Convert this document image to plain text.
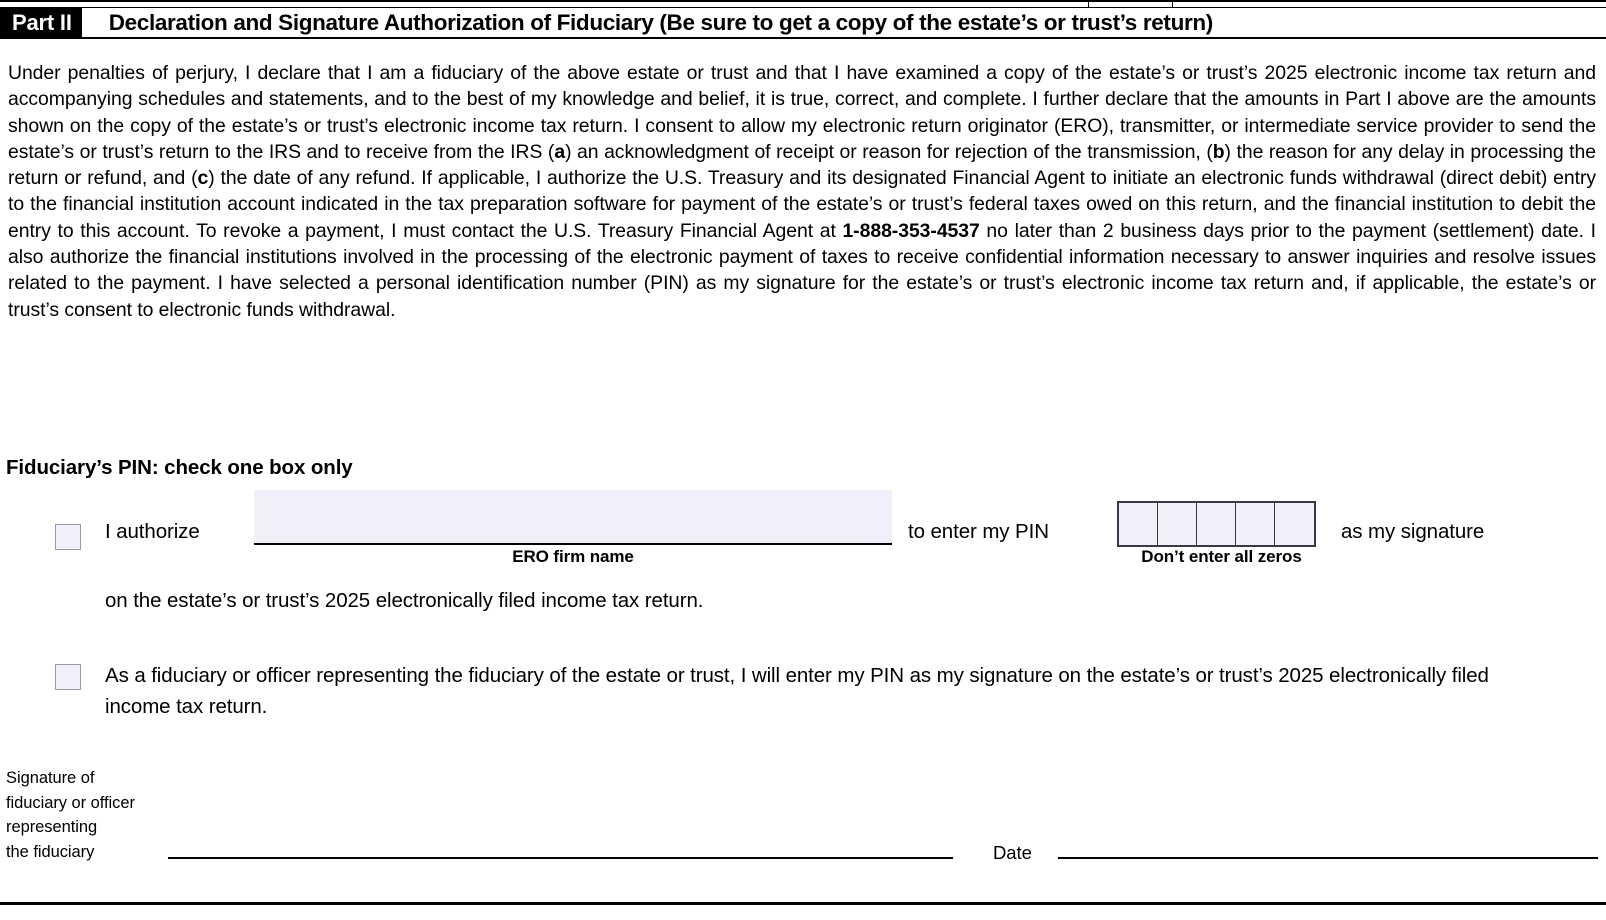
Part II	Declaration and Signature Authorization of Fiduciary (Be sure to get a copy of the estate’s or trust’s return)
Under penalties of perjury, I declare that I am a fiduciary of the above estate or trust and that I have examined a copy of the estate’s or trust’s 2025 electronic income tax return and accompanying schedules and statements, and to the best of my knowledge and belief, it is true, correct, and complete. I further declare that the amounts in Part I above are the amounts shown on the copy of the estate’s or trust’s electronic income tax return. I consent to allow my electronic return originator (ERO), transmitter, or intermediate service provider to send the estate’s or trust’s return to the IRS and to receive from the IRS (a) an acknowledgment of receipt or reason for rejection of the transmission, (b) the reason for any delay in processing the return or refund, and (c) the date of any refund. If applicable, I authorize the U.S. Treasury and its designated Financial Agent to initiate an electronic funds withdrawal (direct debit) entry to the financial institution account indicated in the tax preparation software for payment of the estate’s or trust’s federal taxes owed on this return, and the financial institution to debit the entry to this account. To revoke a payment, I must contact the U.S. Treasury Financial Agent at 1-888-353-4537 no later than 2 business days prior to the payment (settlement) date. I also authorize the financial institutions involved in the processing of the electronic payment of taxes to receive confidential information necessary to answer inquiries and resolve issues related to the payment. I have selected a personal identification number (PIN) as my signature for the estate’s or trust’s electronic income tax return and, if applicable, the estate’s or trust’s consent to electronic funds withdrawal.
Fiduciary’s PIN: check one box only
I authorize
ERO firm name
to enter my PIN
Don’t enter all zeros
as my signature
on the estate’s or trust’s 2025 electronically filed income tax return.
As a fiduciary or officer representing the fiduciary of the estate or trust, I will enter my PIN as my signature on the estate’s or trust’s 2025 electronically filed income tax return.
Signature of
fiduciary or officer
representing
the fiduciary	Date
